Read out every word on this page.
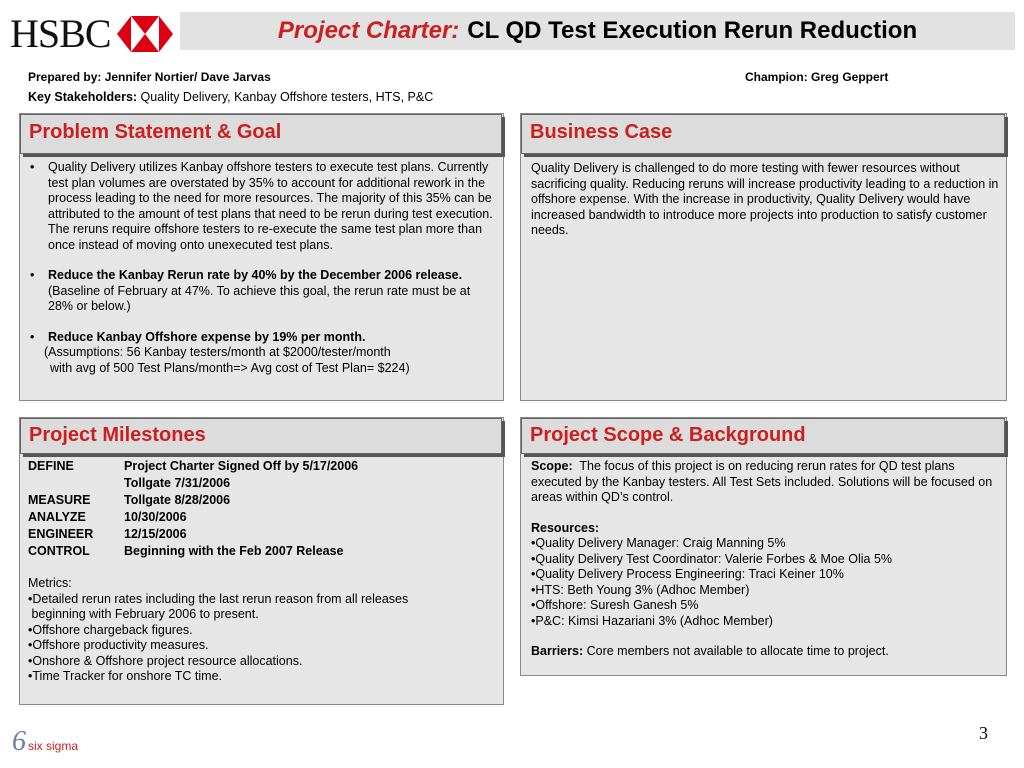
HSBC	Project Charter: CL QD Test Execution Rerun Reduction
Prepared by: Jennifer Nortier/ Dave Jarvas	Champion: Greg Geppert
Key Stakeholders: Quality Delivery, Kanbay Offshore testers, HTS, P&C
Problem Statement & Goal
•	Quality Delivery utilizes Kanbay offshore testers to execute test plans. Currently test plan volumes are overstated by 35% to account for additional rework in the process leading to the need for more resources. The majority of this 35% can be attributed to the amount of test plans that need to be rerun during test execution. The reruns require offshore testers to re-execute the same test plan more than once instead of moving onto unexecuted test plans.
•	Reduce the Kanbay Rerun rate by 40% by the December 2006 release. (Baseline of February at 47%. To achieve this goal, the rerun rate must be at 28% or below.)
•	Reduce Kanbay Offshore expense by 19% per month.
(Assumptions: 56 Kanbay testers/month at $2000/tester/month
with avg of 500 Test Plans/month=> Avg cost of Test Plan= $224)
Business Case
Quality Delivery is challenged to do more testing with fewer resources without sacrificing quality. Reducing reruns will increase productivity leading to a reduction in offshore expense. With the increase in productivity, Quality Delivery would have increased bandwidth to introduce more projects into production to satisfy customer needs.
Project Milestones
DEFINE	Project Charter Signed Off by 5/17/2006
	Tollgate 7/31/2006
MEASURE	Tollgate 8/28/2006
ANALYZE	10/30/2006
ENGINEER	12/15/2006
CONTROL	Beginning with the Feb 2007 Release
Metrics:
•Detailed rerun rates including the last rerun reason from all releases
beginning with February 2006 to present.
•Offshore chargeback figures.
•Offshore productivity measures.
•Onshore & Offshore project resource allocations.
•Time Tracker for onshore TC time.
Project Scope & Background
Scope:  The focus of this project is on reducing rerun rates for QD test plans executed by the Kanbay testers. All Test Sets included. Solutions will be focused on areas within QD’s control.
Resources:
•Quality Delivery Manager: Craig Manning 5%
•Quality Delivery Test Coordinator: Valerie Forbes & Moe Olia 5%
•Quality Delivery Process Engineering: Traci Keiner 10%
•HTS: Beth Young 3% (Adhoc Member)
•Offshore: Suresh Ganesh 5%
•P&C: Kimsi Hazariani 3% (Adhoc Member)
Barriers: Core members not available to allocate time to project.
6 six sigma
3
